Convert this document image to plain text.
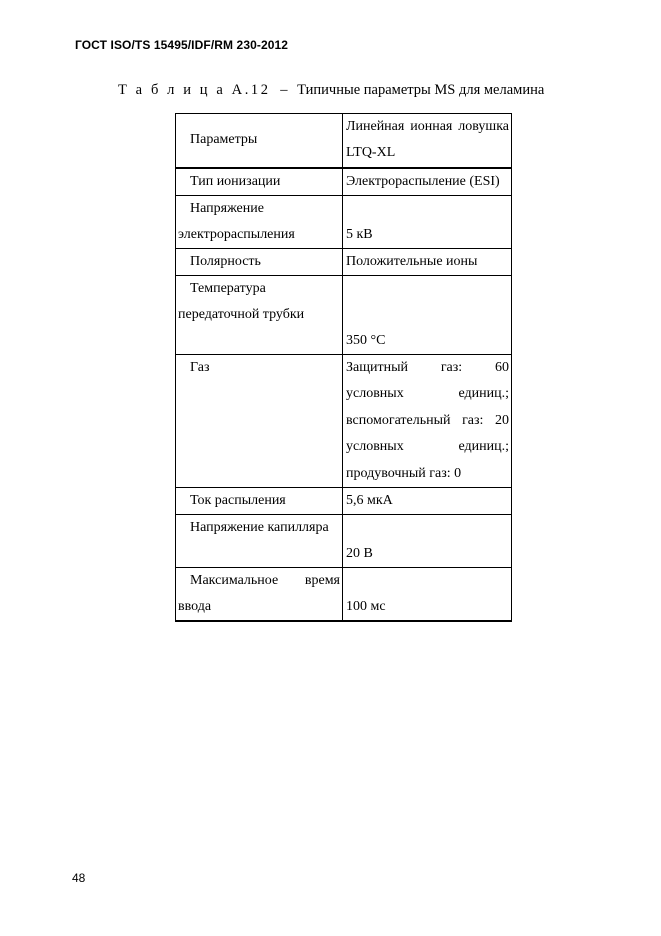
ГОСТ ISO/TS 15495/IDF/RM 230-2012
Т а б л и ц а А.12 – Типичные параметры MS для меламина
Параметры	Линейная ионная ловушка LTQ-XL
Тип ионизации	Электрораспыление (ESI)
Напряжение электрораспыления	5 кВ
Полярность	Положительные ионы
Температура передаточной трубки	350 °С
Газ	Защитный газ: 60 условных единиц.; вспомогательный газ: 20 условных единиц.; продувочный газ: 0
Ток распыления	5,6 мкА
Напряжение капилляра	20 В
Максимальное время ввода	100 мс
48
